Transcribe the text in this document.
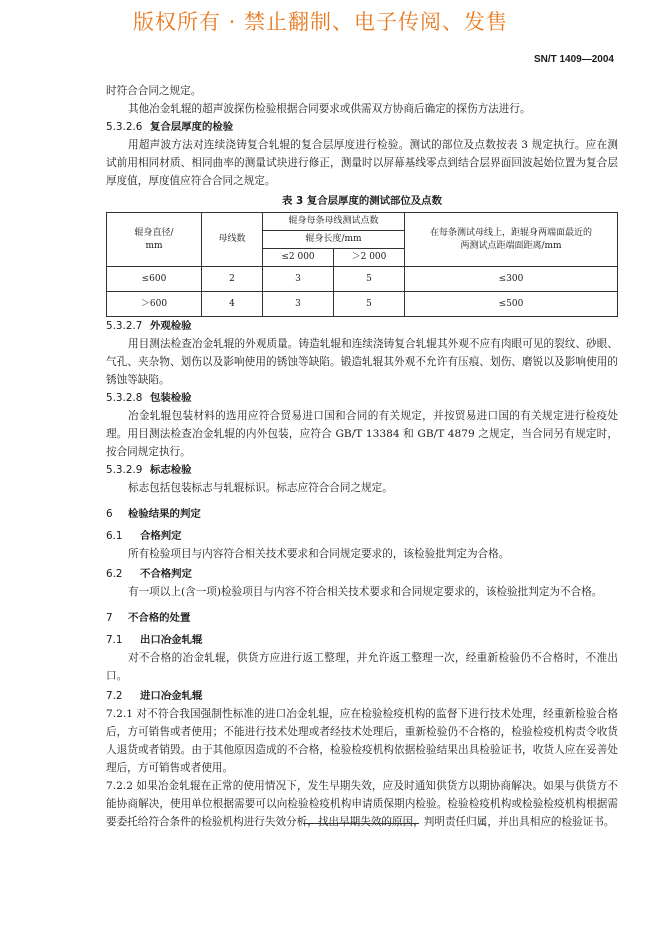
版权所有 · 禁止翻制、电子传阅、发售
SN/T 1409—2004

时符合合同之规定。

其他冶金轧辊的超声波探伤检验根据合同要求或供需双方协商后确定的探伤方法进行。

5.3.2.6 复合层厚度的检验

用超声波方法对连续浇铸复合轧辊的复合层厚度进行检验。测试的部位及点数按表 3 规定执行。应在测试前用相同材质、相同曲率的测量试块进行修正，测量时以屏幕基线零点到结合层界面回波起始位置为复合层厚度值，厚度值应符合合同之规定。

表 3 复合层厚度的测试部位及点数
辊身直径/
mm	母线数	辊身每条母线测试点数		在每条测试母线上，距辊身两端面最近的
两测试点距端面距离/mm
		辊身长度/mm		
		≤2 000	＞2 000	
≤600	2	3	5	≤300
＞600	4	3	5	≤500
5.3.2.7 外观检验

用目测法检查冶金轧辊的外观质量。铸造轧辊和连续浇铸复合轧辊其外观不应有肉眼可见的裂纹、砂眼、气孔、夹杂物、划伤以及影响使用的锈蚀等缺陷。锻造轧辊其外观不允许有压痕、划伤、磨锐以及影响使用的锈蚀等缺陷。

5.3.2.8 包装检验

冶金轧辊包装材料的选用应符合贸易进口国和合同的有关规定，并按贸易进口国的有关规定进行检疫处理。用目测法检查冶金轧辊的内外包装，应符合 GB/T 13384 和 GB/T 4879 之规定，当合同另有规定时，按合同规定执行。

5.3.2.9 标志检验

标志包括包装标志与轧辊标识。标志应符合合同之规定。

6 检验结果的判定
6.1 合格判定

所有检验项目与内容符合相关技术要求和合同规定要求的，该检验批判定为合格。

6.2 不合格判定

有一项以上(含一项)检验项目与内容不符合相关技术要求和合同规定要求的，该检验批判定为不合格。

7 不合格的处置
7.1 出口冶金轧辊

对不合格的冶金轧辊，供货方应进行返工整理，并允许返工整理一次，经重新检验仍不合格时，不准出口。

7.2 进口冶金轧辊

7.2.1 对不符合我国强制性标准的进口冶金轧辊，应在检验检疫机构的监督下进行技术处理，经重新检验合格后，方可销售或者使用；不能进行技术处理或者经技术处理后，重新检验仍不合格的，检验检疫机构责令收货人退货或者销毁。由于其他原因造成的不合格，检验检疫机构依据检验结果出具检验证书，收货人应在妥善处理后，方可销售或者使用。

7.2.2 如果冶金轧辊在正常的使用情况下，发生早期失效，应及时通知供货方以期协商解决。如果与供货方不能协商解决，使用单位根据需要可以向检验检疫机构申请质保期内检验。检验检疫机构或检验检疫机构根据需要委托给符合条件的检验机构进行失效分析，找出早期失效的原因，判明责任归属，并出具相应的检验证书。
